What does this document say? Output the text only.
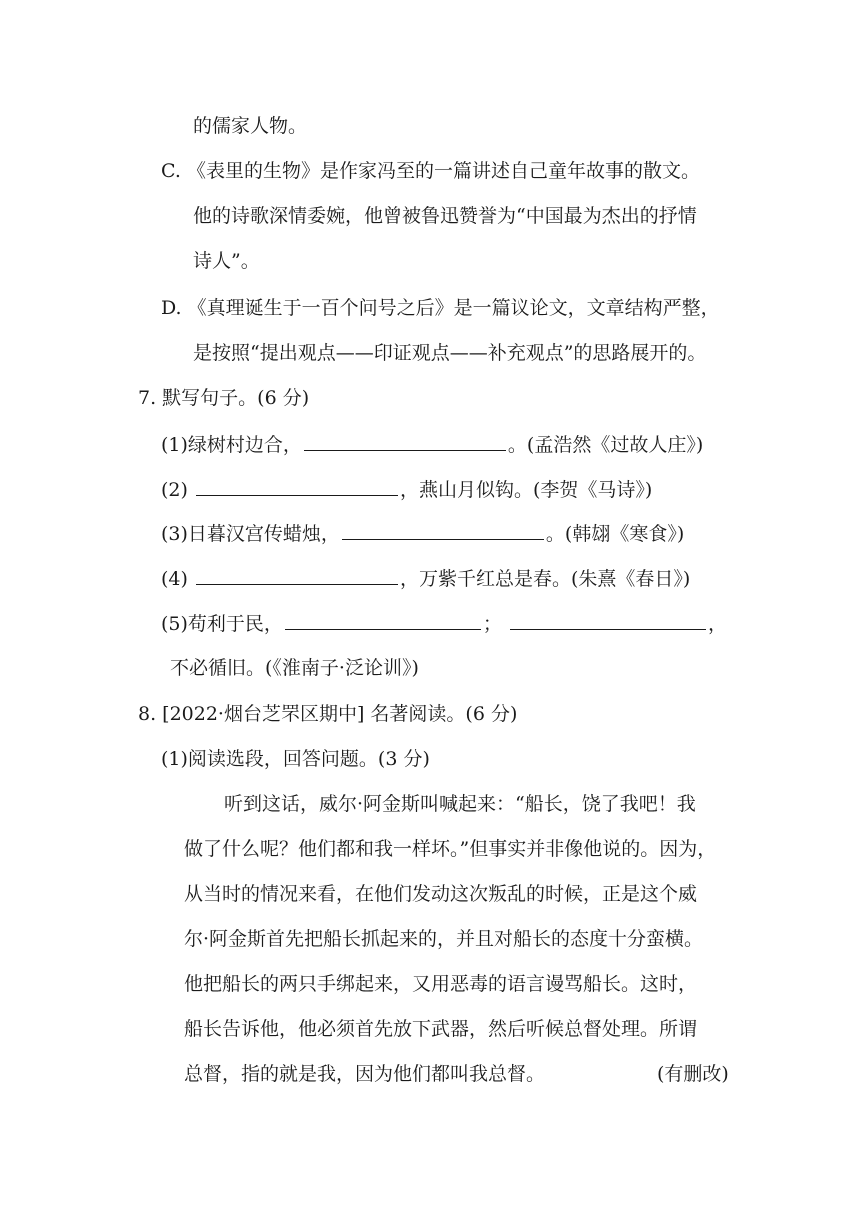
的儒家人物。

C. 《表里的生物》是作家冯至的一篇讲述自己童年故事的散文。

他的诗歌深情委婉，他曾被鲁迅赞誉为“中国最为杰出的抒情

诗人”。

D. 《真理诞生于一百个问号之后》是一篇议论文，文章结构严整，

是按照“提出观点——印证观点——补充观点”的思路展开的。

7. 默写句子。(6 分)

(1)绿树村边合，	。(孟浩然《过故人庄》)

(2)	，燕山月似钩。(李贺《马诗》)

(3)日暮汉宫传蜡烛，	。(韩翃《寒食》)

(4)	，万紫千红总是春。(朱熹《春日》)

(5)苟利于民，	；	，

不必循旧。(《淮南子·泛论训》)

8. [2022·烟台芝罘区期中] 名著阅读。(6 分)

(1)阅读选段，回答问题。(3 分)

听到这话，威尔·阿金斯叫喊起来：“船长，饶了我吧！我

做了什么呢？他们都和我一样坏。”但事实并非像他说的。因为，

从当时的情况来看，在他们发动这次叛乱的时候，正是这个威

尔·阿金斯首先把船长抓起来的，并且对船长的态度十分蛮横。

他把船长的两只手绑起来，又用恶毒的语言谩骂船长。这时，

船长告诉他，他必须首先放下武器，然后听候总督处理。所谓

总督，指的就是我，因为他们都叫我总督。	(有删改)
